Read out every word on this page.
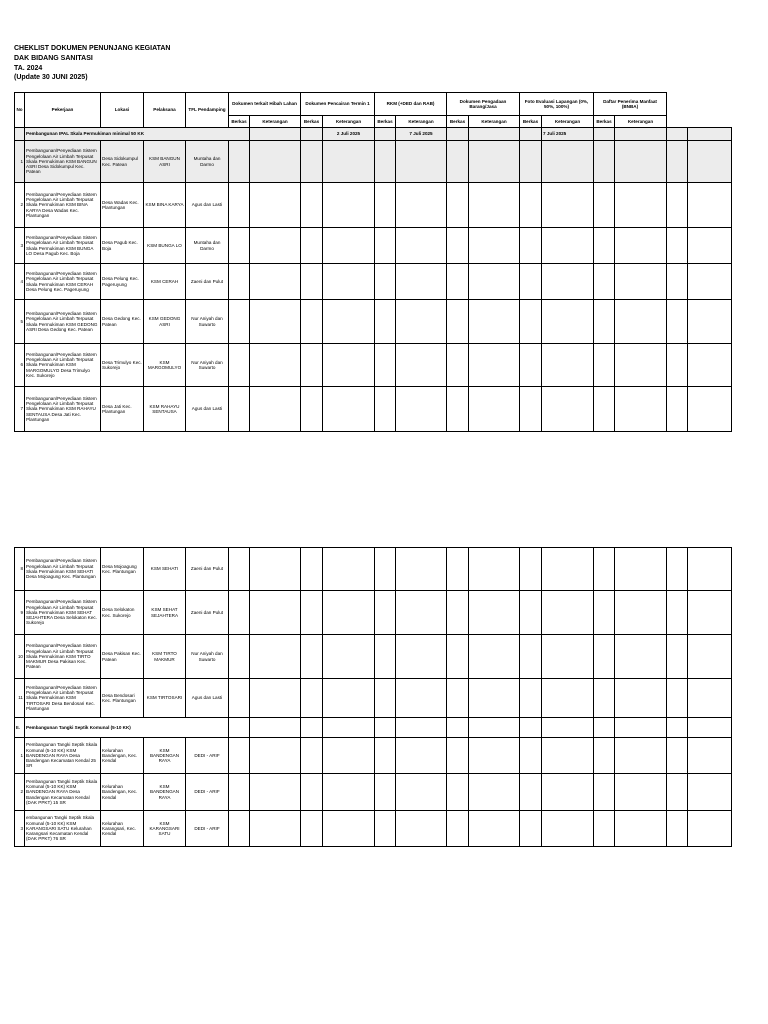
CHEKLIST DOKUMEN PENUNJANG KEGIATAN
DAK BIDANG SANITASI
TA. 2024
(Update 30 JUNI 2025)
No	Pekerjaan	Lokasi	Pelaksana	TFL Pendamping	Dokumen terkait Hibah Lahan		Dokumen Pencairan Termin 1		RKM (+DED dan RAB)		Dokumen Pengadaan Barang/Jasa		Foto Evaluasi Lapangan (0%, 50%, 100%)		Daftar Penerima Manfaat (BNBA)			
					Berkas	Keterangan	Berkas	Keterangan	Berkas	Keterangan	Berkas	Keterangan	Berkas	Keterangan	Berkas	Keterangan		
	Pembangunan IPAL Skala Permukiman minimal 50 KK							2 Juli 2025		7 Juli 2025				7 Juli 2025				
1	Pembangunan/Penyediaan Sistem Pengelolaan Air Limbah Terpusat Skala Permukiman KSM BANGUN ASRI Desa Sidokumpul Kec. Patean	Desa Sidokumpul Kec. Patean	KSM BANGUN ASRI	Muntaha dan Darmo														
2	Pembangunan/Penyediaan Sistem Pengelolaan Air Limbah Terpusat Skala Permukiman KSM BINA KARYA Desa Wadas Kec. Plantungan	Desa Wadas Kec. Plantungan	KSM BINA KARYA	Agus dan Lasti														
3	Pembangunan/Penyediaan Sistem Pengelolaan Air Limbah Terpusat Skala Permukiman KSM BUNGA LO Desa Pagub Kec. Boja	Desa Pagub Kec. Boja	KSM BUNGA LO	Muntaha dan Darmo														
4	Pembangunan/Penyediaan Sistem Pengelolaan Air Limbah Terpusat Skala Permukiman KSM CERAH Desa Pelung Kec. Pageruyung	Desa Pelung Kec. Pageruyung	KSM CERAH	Zaeni dan Pulut														
5	Pembangunan/Penyediaan Sistem Pengelolaan Air Limbah Terpusat Skala Permukiman KSM GEDONG ASRI Desa Gedong Kec. Patean	Desa Gedong Kec. Patean	KSM GEDONG ASRI	Nur Aniyah dan Suwarto														
6	Pembangunan/Penyediaan Sistem Pengelolaan Air Limbah Terpusat Skala Permukiman KSM MARGOMULYO Desa Trimulyo Kec. Sukorejo	Desa Trimulyo Kec. Sukorejo	KSM MARGOMULYO	Nur Aniyah dan Suwarto														
7	Pembangunan/Penyediaan Sistem Pengelolaan Air Limbah Terpusat Skala Permukiman KSM RAHAYU SENTAUSA Desa Jati Kec. Plantungan	Desa Jati Kec. Plantungan	KSM RAHAYU SENTAUSA	Agus dan Lasti														
8	Pembangunan/Penyediaan Sistem Pengelolaan Air Limbah Terpusat Skala Permukiman KSM SEHATI Desa Mojoagung Kec. Plantungan	Desa Mojoagung Kec. Plantungan	KSM SEHATI	Zaeni dan Pulut														
9	Pembangunan/Penyediaan Sistem Pengelolaan Air Limbah Terpusat Skala Permukiman KSM SEHAT SEJAHTERA Desa Selokaton Kec. Sukorejo	Desa Selokaton Kec. Sukorejo	KSM SEHAT SEJAHTERA	Zaeni dan Pulut														
10	Pembangunan/Penyediaan Sistem Pengelolaan Air Limbah Terpusat Skala Permukiman KSM TIRTO MAKMUR Desa Pakisan Kec. Patean	Desa Pakisan Kec. Patean	KSM TIRTO MAKMUR	Nur Aniyah dan Suwarto														
11	Pembangunan/Penyediaan Sistem Pengelolaan Air Limbah Terpusat Skala Permukiman KSM TIRTOSARI Desa Bendosari Kec. Plantungan	Desa Bendosari Kec. Plantungan	KSM TIRTOSARI	Agus dan Lasti														
II.	Pembangunan Tangki Septik Komunal (5-10 KK)																	
1	Pembangunan Tangki Septik Skala Komunal (5-10 KK) KSM BANDENGAN RAYA Desa Bandengan Kecamatan Kendal 25 SR	Kelurahan Bandengan, Kec. Kendal	KSM BANDENGAN RAYA	DEDI - ARIF														
2	Pembangunan Tangki Septik Skala Komunal (5-10 KK) KSM BANDENGAN RAYA Desa Bandengan Kecamatan Kendal (DAK PPKT) 15 SR	Kelurahan Bandengan, Kec. Kendal	KSM BANDENGAN RAYA	DEDI - ARIF														
3	embangunan Tangki Septik Skala Komunal (5-10 KK) KSM KARANGSARI SATU Kelurahan Karangsari Kecamatan Kendal (DAK PPKT) 76 SR	Kelurahan Karangsari, Kec. Kendal	KSM KARANGSARI SATU	DEDI - ARIF														
